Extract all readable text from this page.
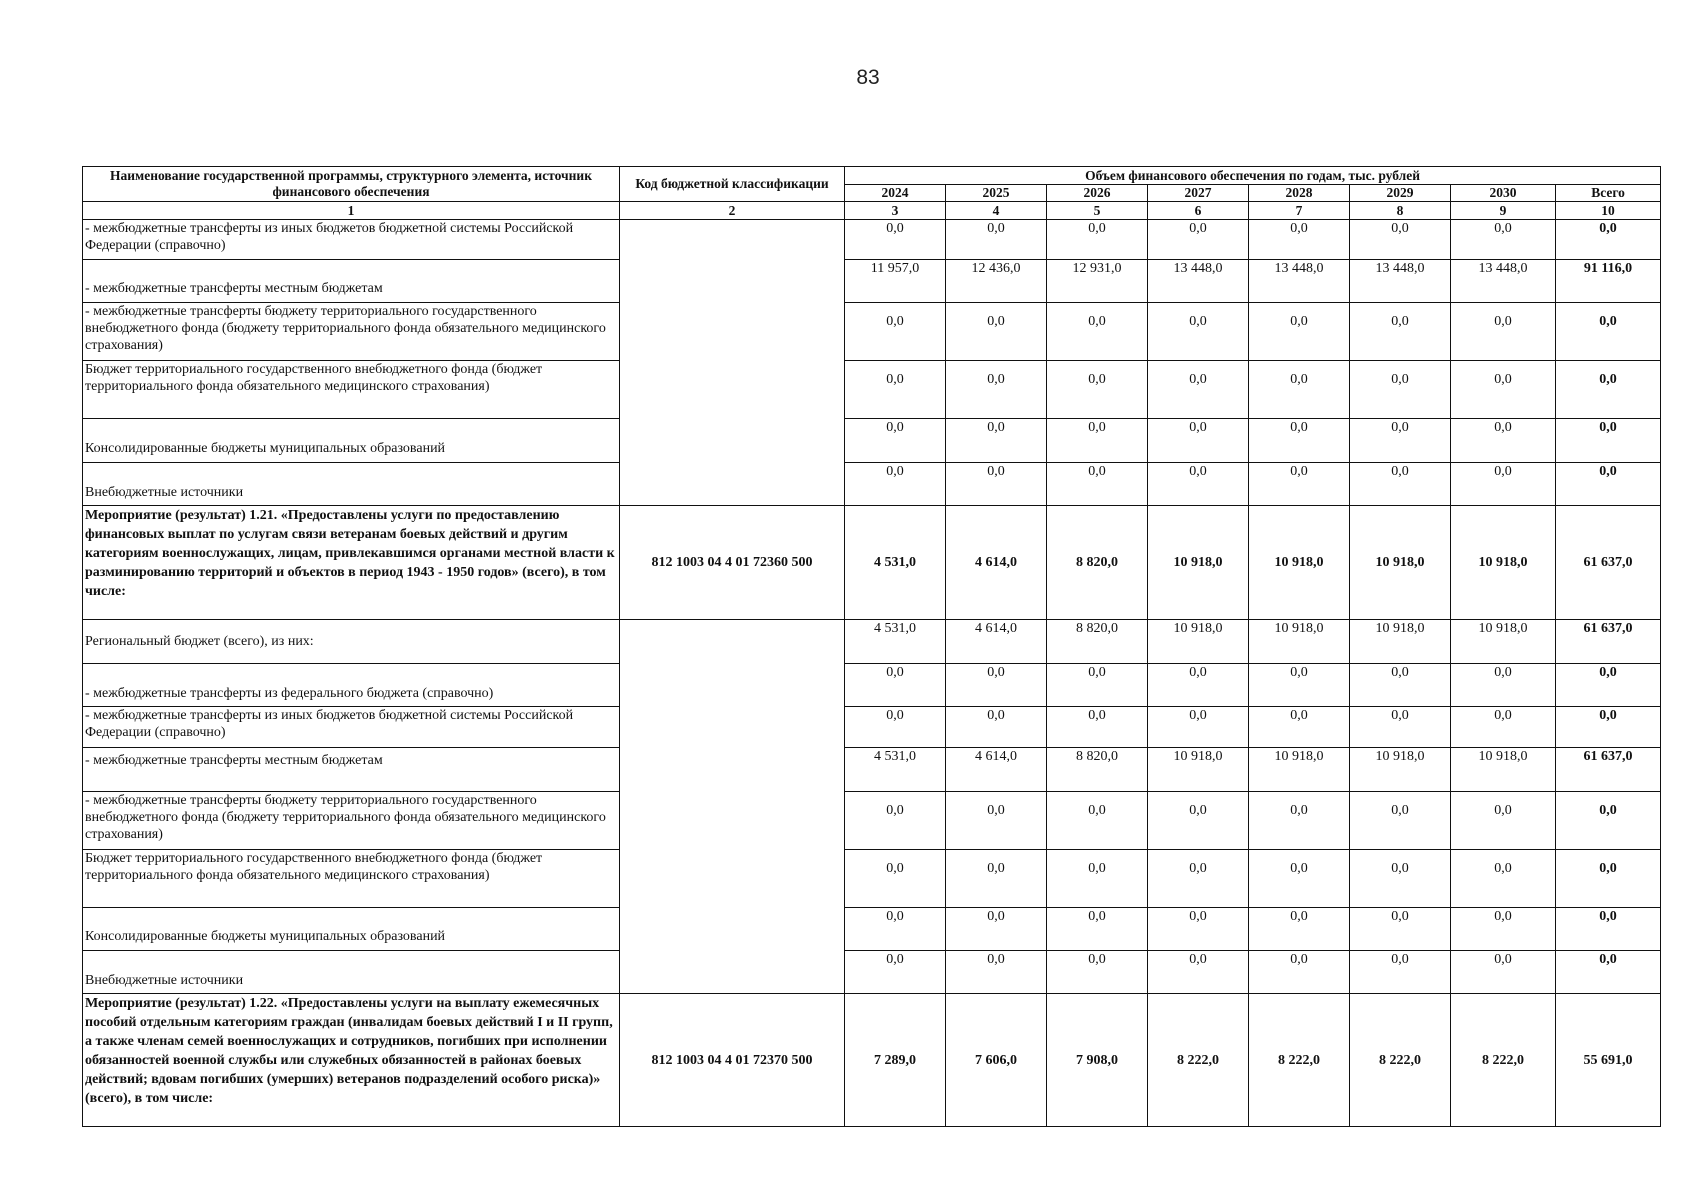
83
Наименование государственной программы, структурного элемента, источник финансового обеспечения	Код бюджетной классификации	Объем финансового обеспечения по годам, тыс. рублей							
		2024	2025	2026	2027	2028	2029	2030	Всего
1	2	3	4	5	6	7	8	9	10
- межбюджетные трансферты из иных бюджетов бюджетной системы Российской Федерации (справочно)		0,0	0,0	0,0	0,0	0,0	0,0	0,0	0,0
- межбюджетные трансферты местным бюджетам		11 957,0	12 436,0	12 931,0	13 448,0	13 448,0	13 448,0	13 448,0	91 116,0
- межбюджетные трансферты бюджету территориального государственного внебюджетного фонда (бюджету территориального фонда обязательного медицинского страхования)		0,0	0,0	0,0	0,0	0,0	0,0	0,0	0,0
Бюджет территориального государственного внебюджетного фонда (бюджет территориального фонда обязательного медицинского страхования)		0,0	0,0	0,0	0,0	0,0	0,0	0,0	0,0
Консолидированные бюджеты муниципальных образований		0,0	0,0	0,0	0,0	0,0	0,0	0,0	0,0
Внебюджетные источники		0,0	0,0	0,0	0,0	0,0	0,0	0,0	0,0
Мероприятие (результат) 1.21. «Предоставлены услуги по предоставлению финансовых выплат по услугам связи ветеранам боевых действий и другим категориям военнослужащих, лицам, привлекавшимся органами местной власти к разминированию территорий и объектов в период 1943 - 1950 годов» (всего), в том числе:	812 1003 04 4 01 72360 500	4 531,0	4 614,0	8 820,0	10 918,0	10 918,0	10 918,0	10 918,0	61 637,0
Региональный бюджет (всего), из них:		4 531,0	4 614,0	8 820,0	10 918,0	10 918,0	10 918,0	10 918,0	61 637,0
- межбюджетные трансферты из федерального бюджета (справочно)		0,0	0,0	0,0	0,0	0,0	0,0	0,0	0,0
- межбюджетные трансферты из иных бюджетов бюджетной системы Российской Федерации (справочно)		0,0	0,0	0,0	0,0	0,0	0,0	0,0	0,0
- межбюджетные трансферты местным бюджетам		4 531,0	4 614,0	8 820,0	10 918,0	10 918,0	10 918,0	10 918,0	61 637,0
- межбюджетные трансферты бюджету территориального государственного внебюджетного фонда (бюджету территориального фонда обязательного медицинского страхования)		0,0	0,0	0,0	0,0	0,0	0,0	0,0	0,0
Бюджет территориального государственного внебюджетного фонда (бюджет территориального фонда обязательного медицинского страхования)		0,0	0,0	0,0	0,0	0,0	0,0	0,0	0,0
Консолидированные бюджеты муниципальных образований		0,0	0,0	0,0	0,0	0,0	0,0	0,0	0,0
Внебюджетные источники		0,0	0,0	0,0	0,0	0,0	0,0	0,0	0,0
Мероприятие (результат) 1.22. «Предоставлены услуги на выплату ежемесячных пособий отдельным категориям граждан (инвалидам боевых действий I и II групп, а также членам семей военнослужащих и сотрудников, погибших при исполнении обязанностей военной службы или служебных обязанностей в районах боевых действий; вдовам погибших (умерших) ветеранов подразделений особого риска)» (всего), в том числе:	812 1003 04 4 01 72370 500	7 289,0	7 606,0	7 908,0	8 222,0	8 222,0	8 222,0	8 222,0	55 691,0
